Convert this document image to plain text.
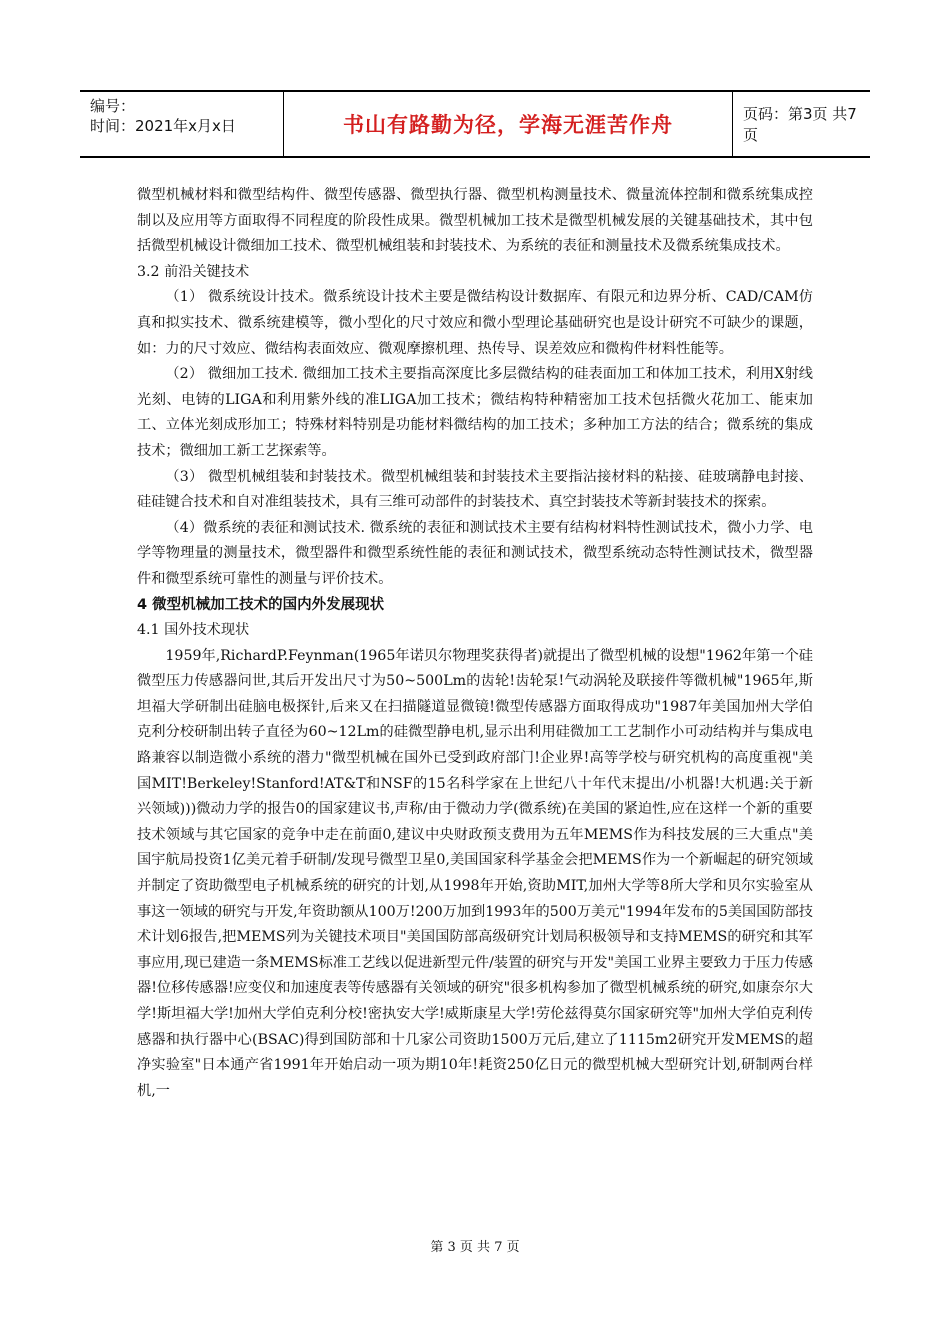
编号：
时间：2021年x月x日	书山有路勤为径，学海无涯苦作舟	页码：第3页 共7页

微型机械材料和微型结构件、微型传感器、微型执行器、微型机构测量技术、微量流体控制和微系统集成控制以及应用等方面取得不同程度的阶段性成果。微型机械加工技术是微型机械发展的关键基础技术，其中包括微型机械设计微细加工技术、微型机械组装和封装技术、为系统的表征和测量技术及微系统集成技术。

3.2 前沿关键技术

（1） 微系统设计技术。微系统设计技术主要是微结构设计数据库、有限元和边界分析、CAD/CAM仿真和拟实技术、微系统建模等，微小型化的尺寸效应和微小型理论基础研究也是设计研究不可缺少的课题，如：力的尺寸效应、微结构表面效应、微观摩擦机理、热传导、误差效应和微构件材料性能等。

（2） 微细加工技术. 微细加工技术主要指高深度比多层微结构的硅表面加工和体加工技术，利用X射线光刻、电铸的LIGA和利用紫外线的准LIGA加工技术；微结构特种精密加工技术包括微火花加工、能束加工、立体光刻成形加工；特殊材料特别是功能材料微结构的加工技术；多种加工方法的结合；微系统的集成技术；微细加工新工艺探索等。

（3） 微型机械组装和封装技术。微型机械组装和封装技术主要指沾接材料的粘接、硅玻璃静电封接、硅硅键合技术和自对准组装技术，具有三维可动部件的封装技术、真空封装技术等新封装技术的探索。

（4）微系统的表征和测试技术. 微系统的表征和测试技术主要有结构材料特性测试技术，微小力学、电学等物理量的测量技术，微型器件和微型系统性能的表征和测试技术，微型系统动态特性测试技术，微型器件和微型系统可靠性的测量与评价技术。

4 微型机械加工技术的国内外发展现状

4.1 国外技术现状

1959年,RichardP.Feynman(1965年诺贝尔物理奖获得者)就提出了微型机械的设想"1962年第一个硅微型压力传感器问世,其后开发出尺寸为50~500Lm的齿轮!齿轮泵!气动涡轮及联接件等微机械"1965年,斯坦福大学研制出硅脑电极探针,后来又在扫描隧道显微镜!微型传感器方面取得成功"1987年美国加州大学伯克利分校研制出转子直径为60~12Lm的硅微型静电机,显示出利用硅微加工工艺制作小可动结构并与集成电路兼容以制造微小系统的潜力"微型机械在国外已受到政府部门!企业界!高等学校与研究机构的高度重视"美国MIT!Berkeley!Stanford!AT&T和NSF的15名科学家在上世纪八十年代末提出/小机器!大机遇:关于新兴领域)))微动力学的报告0的国家建议书,声称/由于微动力学(微系统)在美国的紧迫性,应在这样一个新的重要技术领域与其它国家的竞争中走在前面0,建议中央财政预支费用为五年MEMS作为科技发展的三大重点"美国宇航局投资1亿美元着手研制/发现号微型卫星0,美国国家科学基金会把MEMS作为一个新崛起的研究领域并制定了资助微型电子机械系统的研究的计划,从1998年开始,资助MIT,加州大学等8所大学和贝尔实验室从事这一领域的研究与开发,年资助额从100万!200万加到1993年的500万美元"1994年发布的5美国国防部技术计划6报告,把MEMS列为关键技术项目"美国国防部高级研究计划局积极领导和支持MEMS的研究和其军事应用,现已建造一条MEMS标准工艺线以促进新型元件/装置的研究与开发"美国工业界主要致力于压力传感器!位移传感器!应变仪和加速度表等传感器有关领域的研究"很多机构参加了微型机械系统的研究,如康奈尔大学!斯坦福大学!加州大学伯克利分校!密执安大学!威斯康星大学!劳伦兹得莫尔国家研究等"加州大学伯克利传感器和执行器中心(BSAC)得到国防部和十几家公司资助1500万元后,建立了1115m2研究开发MEMS的超净实验室"日本通产省1991年开始启动一项为期10年!耗资250亿日元的微型机械大型研究计划,研制两台样机,一

第 3 页 共 7 页
